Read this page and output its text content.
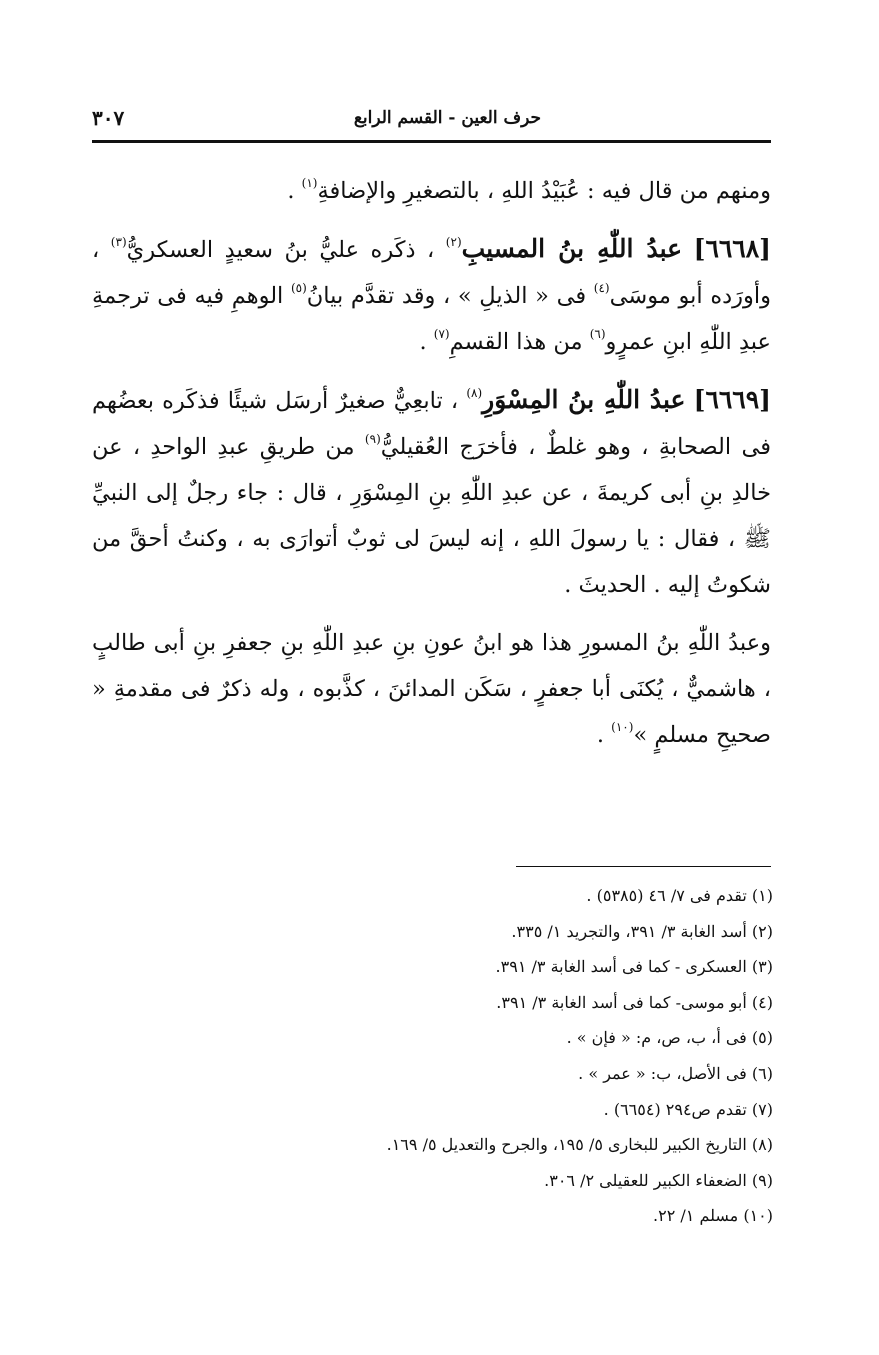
حرف العين - القسم الرابع
٣٠٧

ومنهم من قال فيه : عُبَيْدُ اللهِ ، بالتصغيرِ والإضافةِ$^{(١)}$ .

[٦٦٦٨] عبدُ اللّٰهِ بنُ المسيبِ$^{(٢)}$ ، ذكَره عليُّ بنُ سعيدٍ العسكريُّ$^{(٣)}$ ، وأورَده أبو موسَى$^{(٤)}$ فى « الذيلِ » ، وقد تقدَّم بيانُ$^{(٥)}$ الوهمِ فيه فى ترجمةِ عبدِ اللّٰهِ ابنِ عمرٍو$^{(٦)}$ من هذا القسمِ$^{(٧)}$ .

[٦٦٦٩] عبدُ اللّٰهِ بنُ المِسْوَرِ$^{(٨)}$ ، تابعِيٌّ صغيرٌ أرسَل شيئًا فذكَره بعضُهم فى الصحابةِ ، وهو غلطٌ ، فأخرَج العُقيليُّ$^{(٩)}$ من طريقِ عبدِ الواحدِ ، عن خالدِ بنِ أبى كريمةَ ، عن عبدِ اللّٰهِ بنِ المِسْوَرِ ، قال : جاء رجلٌ إلى النبيِّ ﷺ ، فقال : يا رسولَ اللهِ ، إنه ليسَ لى ثوبٌ أتوارَى به ، وكنتُ أحقَّ من شكوتُ إليه . الحديثَ .

وعبدُ اللّٰهِ بنُ المسورِ هذا هو ابنُ عونِ بنِ عبدِ اللّٰهِ بنِ جعفرِ بنِ أبى طالبٍ ، هاشميٌّ ، يُكنَى أبا جعفرٍ ، سَكَن المدائنَ ، كذَّبوه ، وله ذكرٌ فى مقدمةِ « صحيحِ مسلمٍ »$^{(١٠)}$ .

(١) تقدم فى ٧/ ٤٦ (٥٣٨٥) .
(٢) أسد الغابة ٣/ ٣٩١، والتجريد ١/ ٣٣٥.
(٣) العسكرى - كما فى أسد الغابة ٣/ ٣٩١.
(٤) أبو موسى- كما فى أسد الغابة ٣/ ٣٩١.
(٥) فى أ، ب، ص، م: « فإن » .
(٦) فى الأصل، ب: « عمر » .
(٧) تقدم ص٢٩٤ (٦٦٥٤) .
(٨) التاريخ الكبير للبخارى ٥/ ١٩٥، والجرح والتعديل ٥/ ١٦٩.
(٩) الضعفاء الكبير للعقيلى ٢/ ٣٠٦.
(١٠) مسلم ١/ ٢٢.
